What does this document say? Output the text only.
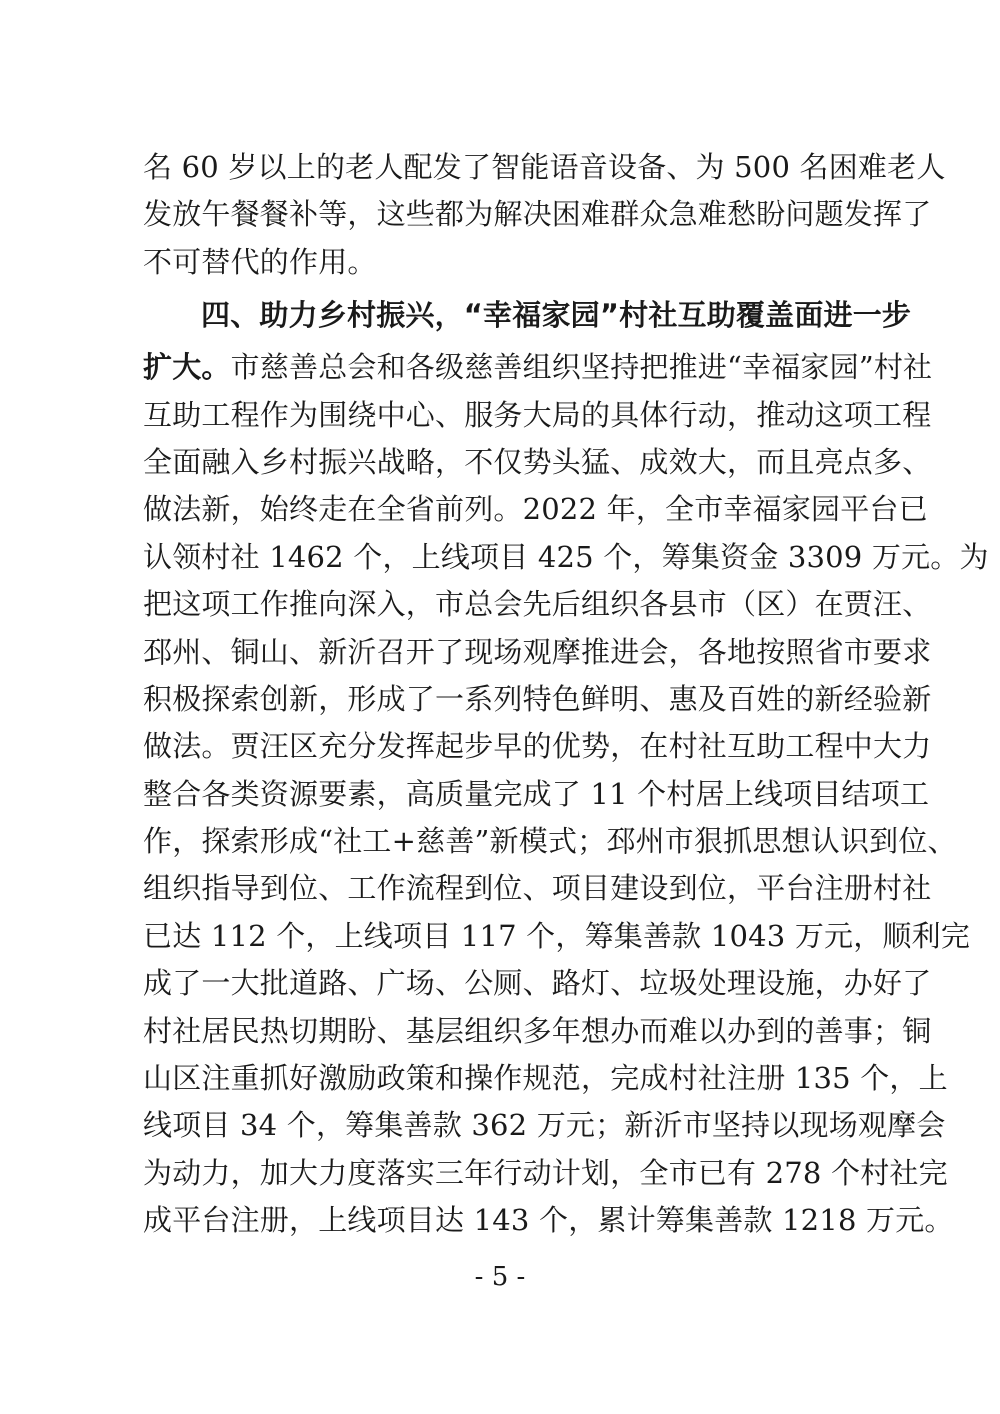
名 60 岁以上的老人配发了智能语音设备、为 500 名困难老人
发放午餐餐补等，这些都为解决困难群众急难愁盼问题发挥了
不可替代的作用。
四、助力乡村振兴，“幸福家园”村社互助覆盖面进一步
扩大。市慈善总会和各级慈善组织坚持把推进“幸福家园”村社
互助工程作为围绕中心、服务大局的具体行动，推动这项工程
全面融入乡村振兴战略，不仅势头猛、成效大，而且亮点多、
做法新，始终走在全省前列。2022 年，全市幸福家园平台已
认领村社 1462 个，上线项目 425 个，筹集资金 3309 万元。为
把这项工作推向深入，市总会先后组织各县市（区）在贾汪、
邳州、铜山、新沂召开了现场观摩推进会，各地按照省市要求
积极探索创新，形成了一系列特色鲜明、惠及百姓的新经验新
做法。贾汪区充分发挥起步早的优势，在村社互助工程中大力
整合各类资源要素，高质量完成了 11 个村居上线项目结项工
作，探索形成“社工+慈善”新模式；邳州市狠抓思想认识到位、
组织指导到位、工作流程到位、项目建设到位，平台注册村社
已达 112 个，上线项目 117 个，筹集善款 1043 万元，顺利完
成了一大批道路、广场、公厕、路灯、垃圾处理设施，办好了
村社居民热切期盼、基层组织多年想办而难以办到的善事；铜
山区注重抓好激励政策和操作规范，完成村社注册 135 个，上
线项目 34 个，筹集善款 362 万元；新沂市坚持以现场观摩会
为动力，加大力度落实三年行动计划，全市已有 278 个村社完
成平台注册，上线项目达 143 个，累计筹集善款 1218 万元。
- 5 -
